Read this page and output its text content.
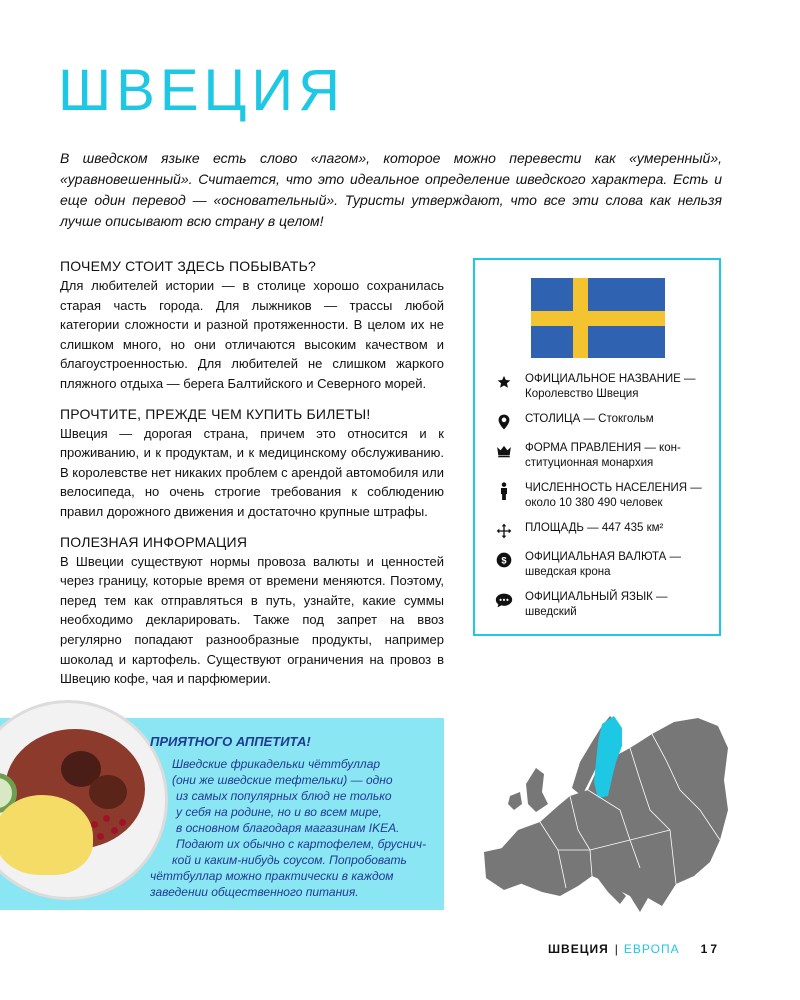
ШВЕЦИЯ

В шведском языке есть слово «лагом», которое можно перевести как «умеренный», «уравновешенный». Считается, что это идеальное определение шведского характера. Есть и еще один перевод — «основательный». Туристы утверждают, что все эти слова как нельзя лучше описывают всю страну в целом!

ПОЧЕМУ СТОИТ ЗДЕСЬ ПОБЫВАТЬ?

Для любителей истории — в столице хорошо сохранилась старая часть города. Для лыжников — трассы любой категории сложности и разной протяженности. В целом их не слишком много, но они отличаются высоким качеством и благоустроенностью. Для любителей не слишком жаркого пляжного отдыха — берега Балтийского и Северного морей.

ПРОЧТИТЕ, ПРЕЖДЕ ЧЕМ КУПИТЬ БИЛЕТЫ!

Швеция — дорогая страна, причем это относится и к проживанию, и к продуктам, и к медицинскому обслуживанию. В королевстве нет никаких проблем с арендой автомобиля или велосипеда, но очень строгие требования к соблюдению правил дорожного движения и достаточно крупные штрафы.

ПОЛЕЗНАЯ ИНФОРМАЦИЯ

В Швеции существуют нормы провоза валюты и ценностей через границу, которые время от времени меняются. Поэтому, перед тем как отправляться в путь, узнайте, какие суммы необходимо декларировать. Также под запрет на ввоз регулярно попадают разнообразные продукты, например шоколад и картофель. Существуют ограничения на провоз в Швецию кофе, чая и парфюмерии.

ОФИЦИАЛЬНОЕ НАЗВАНИЕ —
Королевство Швеция
СТОЛИЦА — Стокгольм
ФОРМА ПРАВЛЕНИЯ — кон-
ституционная монархия
ЧИСЛЕННОСТЬ НАСЕЛЕНИЯ —
около 10 380 490 человек
ПЛОЩАДЬ — 447 435 км²
$ ОФИЦИАЛЬНАЯ ВАЛЮТА —
шведская крона
ОФИЦИАЛЬНЫЙ ЯЗЫК —
шведский
ПРИЯТНОГО АППЕТИТА!
Шведские фрикадельки чёттбуллар
(они же шведские тефтельки) — одно
из самых популярных блюд не только
у себя на родине, но и во всем мире,
в основном благодаря магазинам IKEA.
Подают их обычно с картофелем, бруснич-
кой и каким-нибудь соусом. Попробовать
чёттбуллар можно практически в каждом
заведении общественного питания.
ШВЕЦИЯ | ЕВРОПА 17
